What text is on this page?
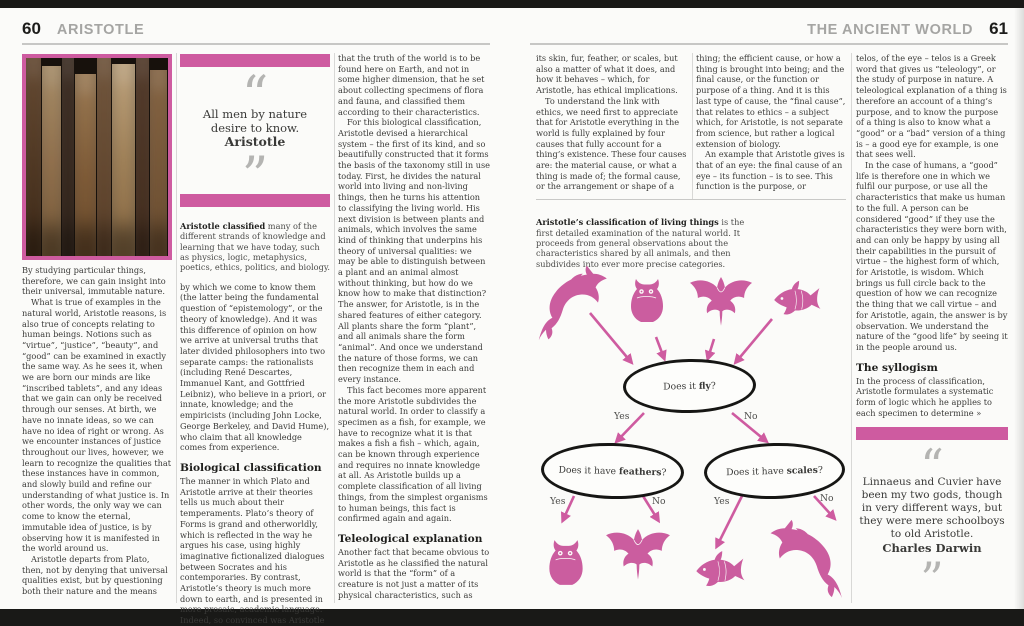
60 ARISTOTLE	THE ANCIENT WORLD 61

By studying particular things, therefore, we can gain insight into their universal, immutable nature.

What is true of examples in the natural world, Aristotle reasons, is also true of concepts relating to human beings. Notions such as “virtue”, “justice”, “beauty”, and “good” can be examined in exactly the same way. As he sees it, when we are born our minds are like “inscribed tablets”, and any ideas that we gain can only be received through our senses. At birth, we have no innate ideas, so we can have no idea of right or wrong. As we encounter instances of justice throughout our lives, however, we learn to recognize the qualities that these instances have in common, and slowly build and refine our understanding of what justice is. In other words, the only way we can come to know the eternal, immutable idea of justice, is by observing how it is manifested in the world around us.

Aristotle departs from Plato, then, not by denying that universal qualities exist, but by questioning both their nature and the means

“
All men by nature desire to know.
Aristotle
”

Aristotle classified many of the different strands of knowledge and learning that we have today, such as physics, logic, metaphysics, poetics, ethics, politics, and biology.

by which we come to know them (the latter being the fundamental question of “epistemology”, or the theory of knowledge). And it was this difference of opinion on how we arrive at universal truths that later divided philosophers into two separate camps: the rationalists (including René Descartes, Immanuel Kant, and Gottfried Leibniz), who believe in a priori, or innate, knowledge; and the empiricists (including John Locke, George Berkeley, and David Hume), who claim that all knowledge comes from experience.

Biological classification

The manner in which Plato and Aristotle arrive at their theories tells us much about their temperaments. Plato’s theory of Forms is grand and otherworldly, which is reflected in the way he argues his case, using highly imaginative fictionalized dialogues between Socrates and his contemporaries. By contrast, Aristotle’s theory is much more down to earth, and is presented in more prosaic, academic language. Indeed, so convinced was Aristotle

that the truth of the world is to be found here on Earth, and not in some higher dimension, that he set about collecting specimens of flora and fauna, and classified them according to their characteristics.

For this biological classification, Aristotle devised a hierarchical system – the first of its kind, and so beautifully constructed that it forms the basis of the taxonomy still in use today. First, he divides the natural world into living and non-living things, then he turns his attention to classifying the living world. His next division is between plants and animals, which involves the same kind of thinking that underpins his theory of universal qualities: we may be able to distinguish between a plant and an animal almost without thinking, but how do we know how to make that distinction? The answer, for Aristotle, is in the shared features of either category. All plants share the form “plant”, and all animals share the form “animal”. And once we understand the nature of those forms, we can then recognize them in each and every instance.

This fact becomes more apparent the more Aristotle subdivides the natural world. In order to classify a specimen as a fish, for example, we have to recognize what it is that makes a fish a fish – which, again, can be known through experience and requires no innate knowledge at all. As Aristotle builds up a complete classification of all living things, from the simplest organisms to human beings, this fact is confirmed again and again.

Teleological explanation

Another fact that became obvious to Aristotle as he classified the natural world is that the “form” of a creature is not just a matter of its physical characteristics, such as

its skin, fur, feather, or scales, but also a matter of what it does, and how it behaves – which, for Aristotle, has ethical implications.

To understand the link with ethics, we need first to appreciate that for Aristotle everything in the world is fully explained by four causes that fully account for a thing’s existence. These four causes are: the material cause, or what a thing is made of; the formal cause, or the arrangement or shape of a

thing; the efficient cause, or how a thing is brought into being; and the final cause, or the function or purpose of a thing. And it is this last type of cause, the “final cause”, that relates to ethics – a subject which, for Aristotle, is not separate from science, but rather a logical extension of biology.

An example that Aristotle gives is that of an eye: the final cause of an eye – its function – is to see. This function is the purpose, or

Aristotle’s classification of living things is the first detailed examination of the natural world. It proceeds from general observations about the characteristics shared by all animals, and then subdivides into ever more precise categories.

Does it fly?
Does it have feathers?	Does it have scales?
Yes	No
Yes	No	Yes	No

telos, of the eye – telos is a Greek word that gives us “teleology”, or the study of purpose in nature. A teleological explanation of a thing is therefore an account of a thing’s purpose, and to know the purpose of a thing is also to know what a “good” or a “bad” version of a thing is – a good eye for example, is one that sees well.

In the case of humans, a “good” life is therefore one in which we fulfil our purpose, or use all the characteristics that make us human to the full. A person can be considered “good” if they use the characteristics they were born with, and can only be happy by using all their capabilities in the pursuit of virtue – the highest form of which, for Aristotle, is wisdom. Which brings us full circle back to the question of how we can recognize the thing that we call virtue – and for Aristotle, again, the answer is by observation. We understand the nature of the “good life” by seeing it in the people around us.

The syllogism

In the process of classification, Aristotle formulates a systematic form of logic which he applies to each specimen to determine »

“
Linnaeus and Cuvier have been my two gods, though in very different ways, but they were mere schoolboys to old Aristotle.
Charles Darwin
”
